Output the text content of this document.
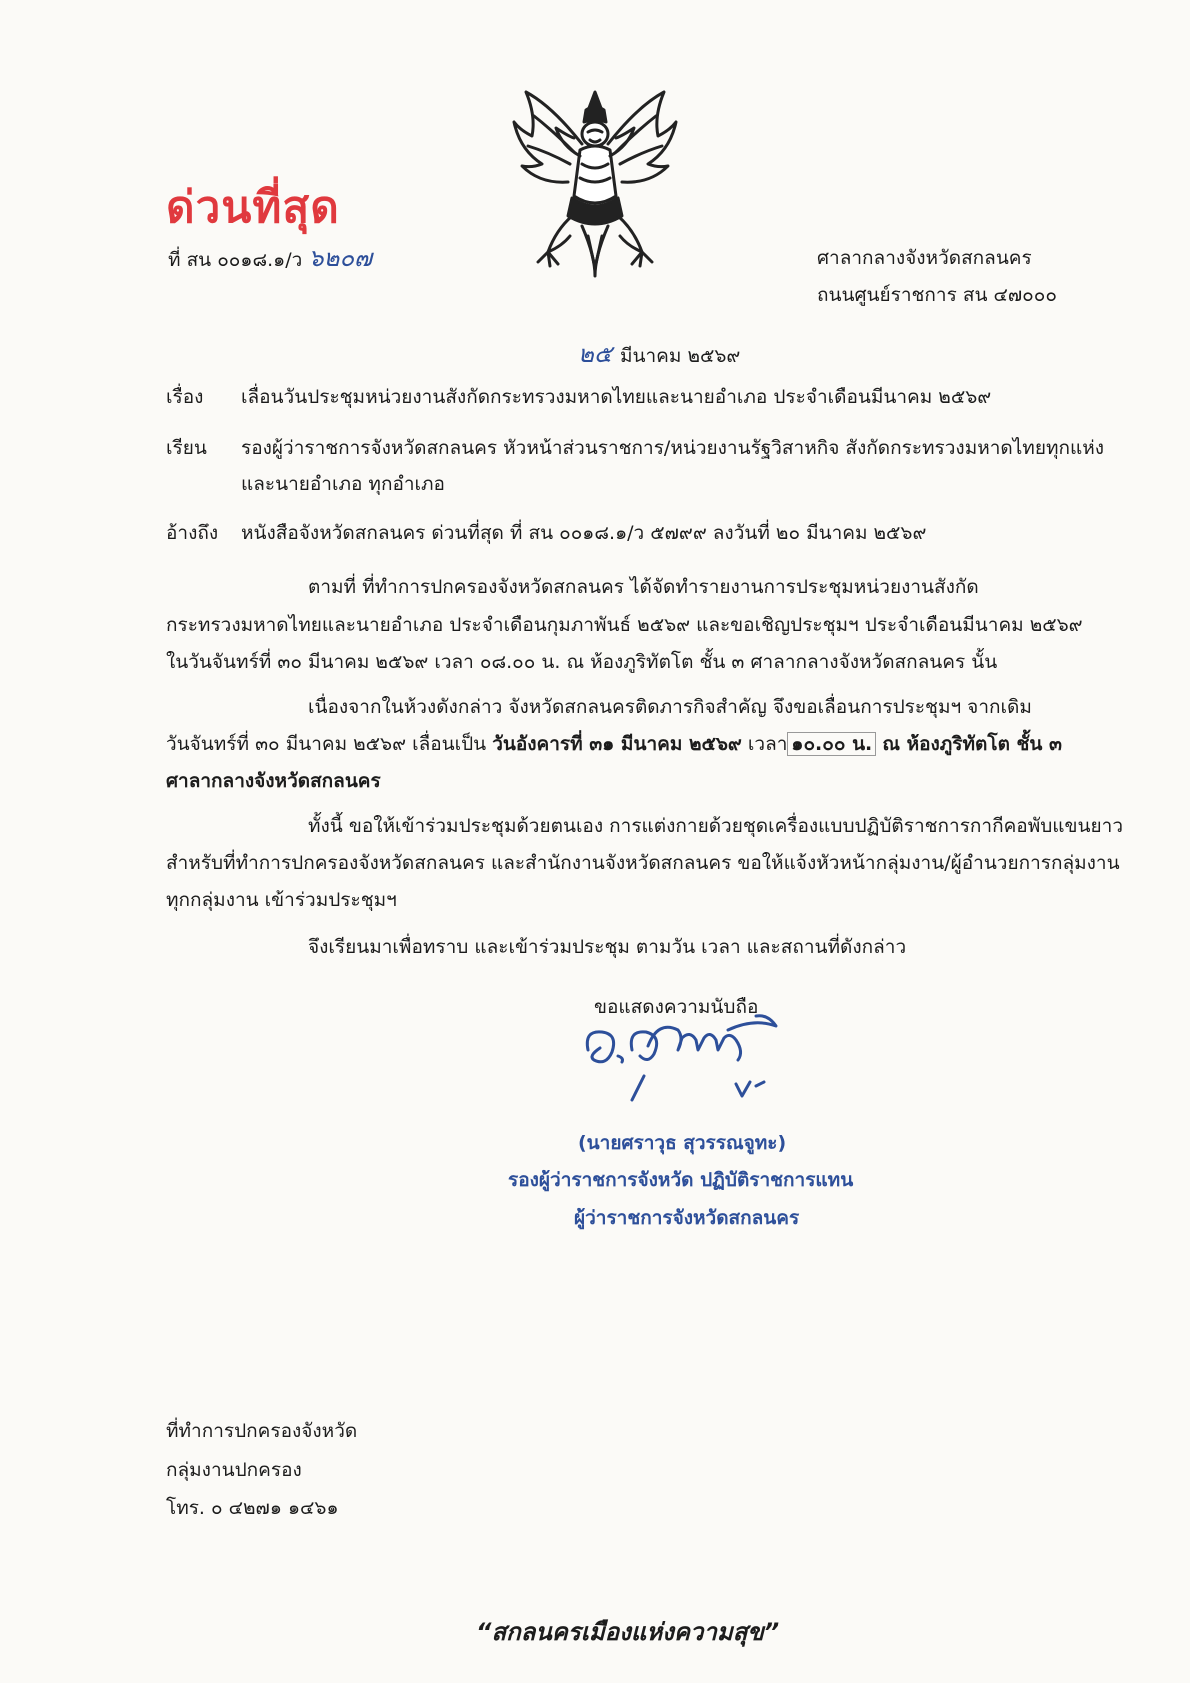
ด่วนที่สุด
ที่ สน ๐๐๑๘.๑/ว ๖๒๐๗	ศาลากลางจังหวัดสกลนคร
ถนนศูนย์ราชการ สน ๔๗๐๐๐
๒๕ มีนาคม ๒๕๖๙
เรื่อง เลื่อนวันประชุมหน่วยงานสังกัดกระทรวงมหาดไทยและนายอำเภอ ประจำเดือนมีนาคม ๒๕๖๙
เรียน รองผู้ว่าราชการจังหวัดสกลนคร หัวหน้าส่วนราชการ/หน่วยงานรัฐวิสาหกิจ สังกัดกระทรวงมหาดไทยทุกแห่ง
และนายอำเภอ ทุกอำเภอ
อ้างถึง หนังสือจังหวัดสกลนคร ด่วนที่สุด ที่ สน ๐๐๑๘.๑/ว ๕๗๙๙ ลงวันที่ ๒๐ มีนาคม ๒๕๖๙
ตามที่ ที่ทำการปกครองจังหวัดสกลนคร ได้จัดทำรายงานการประชุมหน่วยงานสังกัด
กระทรวงมหาดไทยและนายอำเภอ ประจำเดือนกุมภาพันธ์ ๒๕๖๙ และขอเชิญประชุมฯ ประจำเดือนมีนาคม ๒๕๖๙
ในวันจันทร์ที่ ๓๐ มีนาคม ๒๕๖๙ เวลา ๐๘.๐๐ น. ณ ห้องภูริทัตโต ชั้น ๓ ศาลากลางจังหวัดสกลนคร นั้น
เนื่องจากในห้วงดังกล่าว จังหวัดสกลนครติดภารกิจสำคัญ จึงขอเลื่อนการประชุมฯ จากเดิม
วันจันทร์ที่ ๓๐ มีนาคม ๒๕๖๙ เลื่อนเป็น วันอังคารที่ ๓๑ มีนาคม ๒๕๖๙ เวลา ๑๐.๐๐ น. ณ ห้องภูริทัตโต ชั้น ๓
ศาลากลางจังหวัดสกลนคร
ทั้งนี้ ขอให้เข้าร่วมประชุมด้วยตนเอง การแต่งกายด้วยชุดเครื่องแบบปฏิบัติราชการกากีคอพับแขนยาว
สำหรับที่ทำการปกครองจังหวัดสกลนคร และสำนักงานจังหวัดสกลนคร ขอให้แจ้งหัวหน้ากลุ่มงาน/ผู้อำนวยการกลุ่มงาน
ทุกกลุ่มงาน เข้าร่วมประชุมฯ
จึงเรียนมาเพื่อทราบ และเข้าร่วมประชุม ตามวัน เวลา และสถานที่ดังกล่าว
ขอแสดงความนับถือ
(นายศราวุธ สุวรรณจูทะ)
รองผู้ว่าราชการจังหวัด ปฏิบัติราชการแทน
ผู้ว่าราชการจังหวัดสกลนคร
ที่ทำการปกครองจังหวัด
กลุ่มงานปกครอง
โทร. ๐ ๔๒๗๑ ๑๔๖๑
“สกลนครเมืองแห่งความสุข”
